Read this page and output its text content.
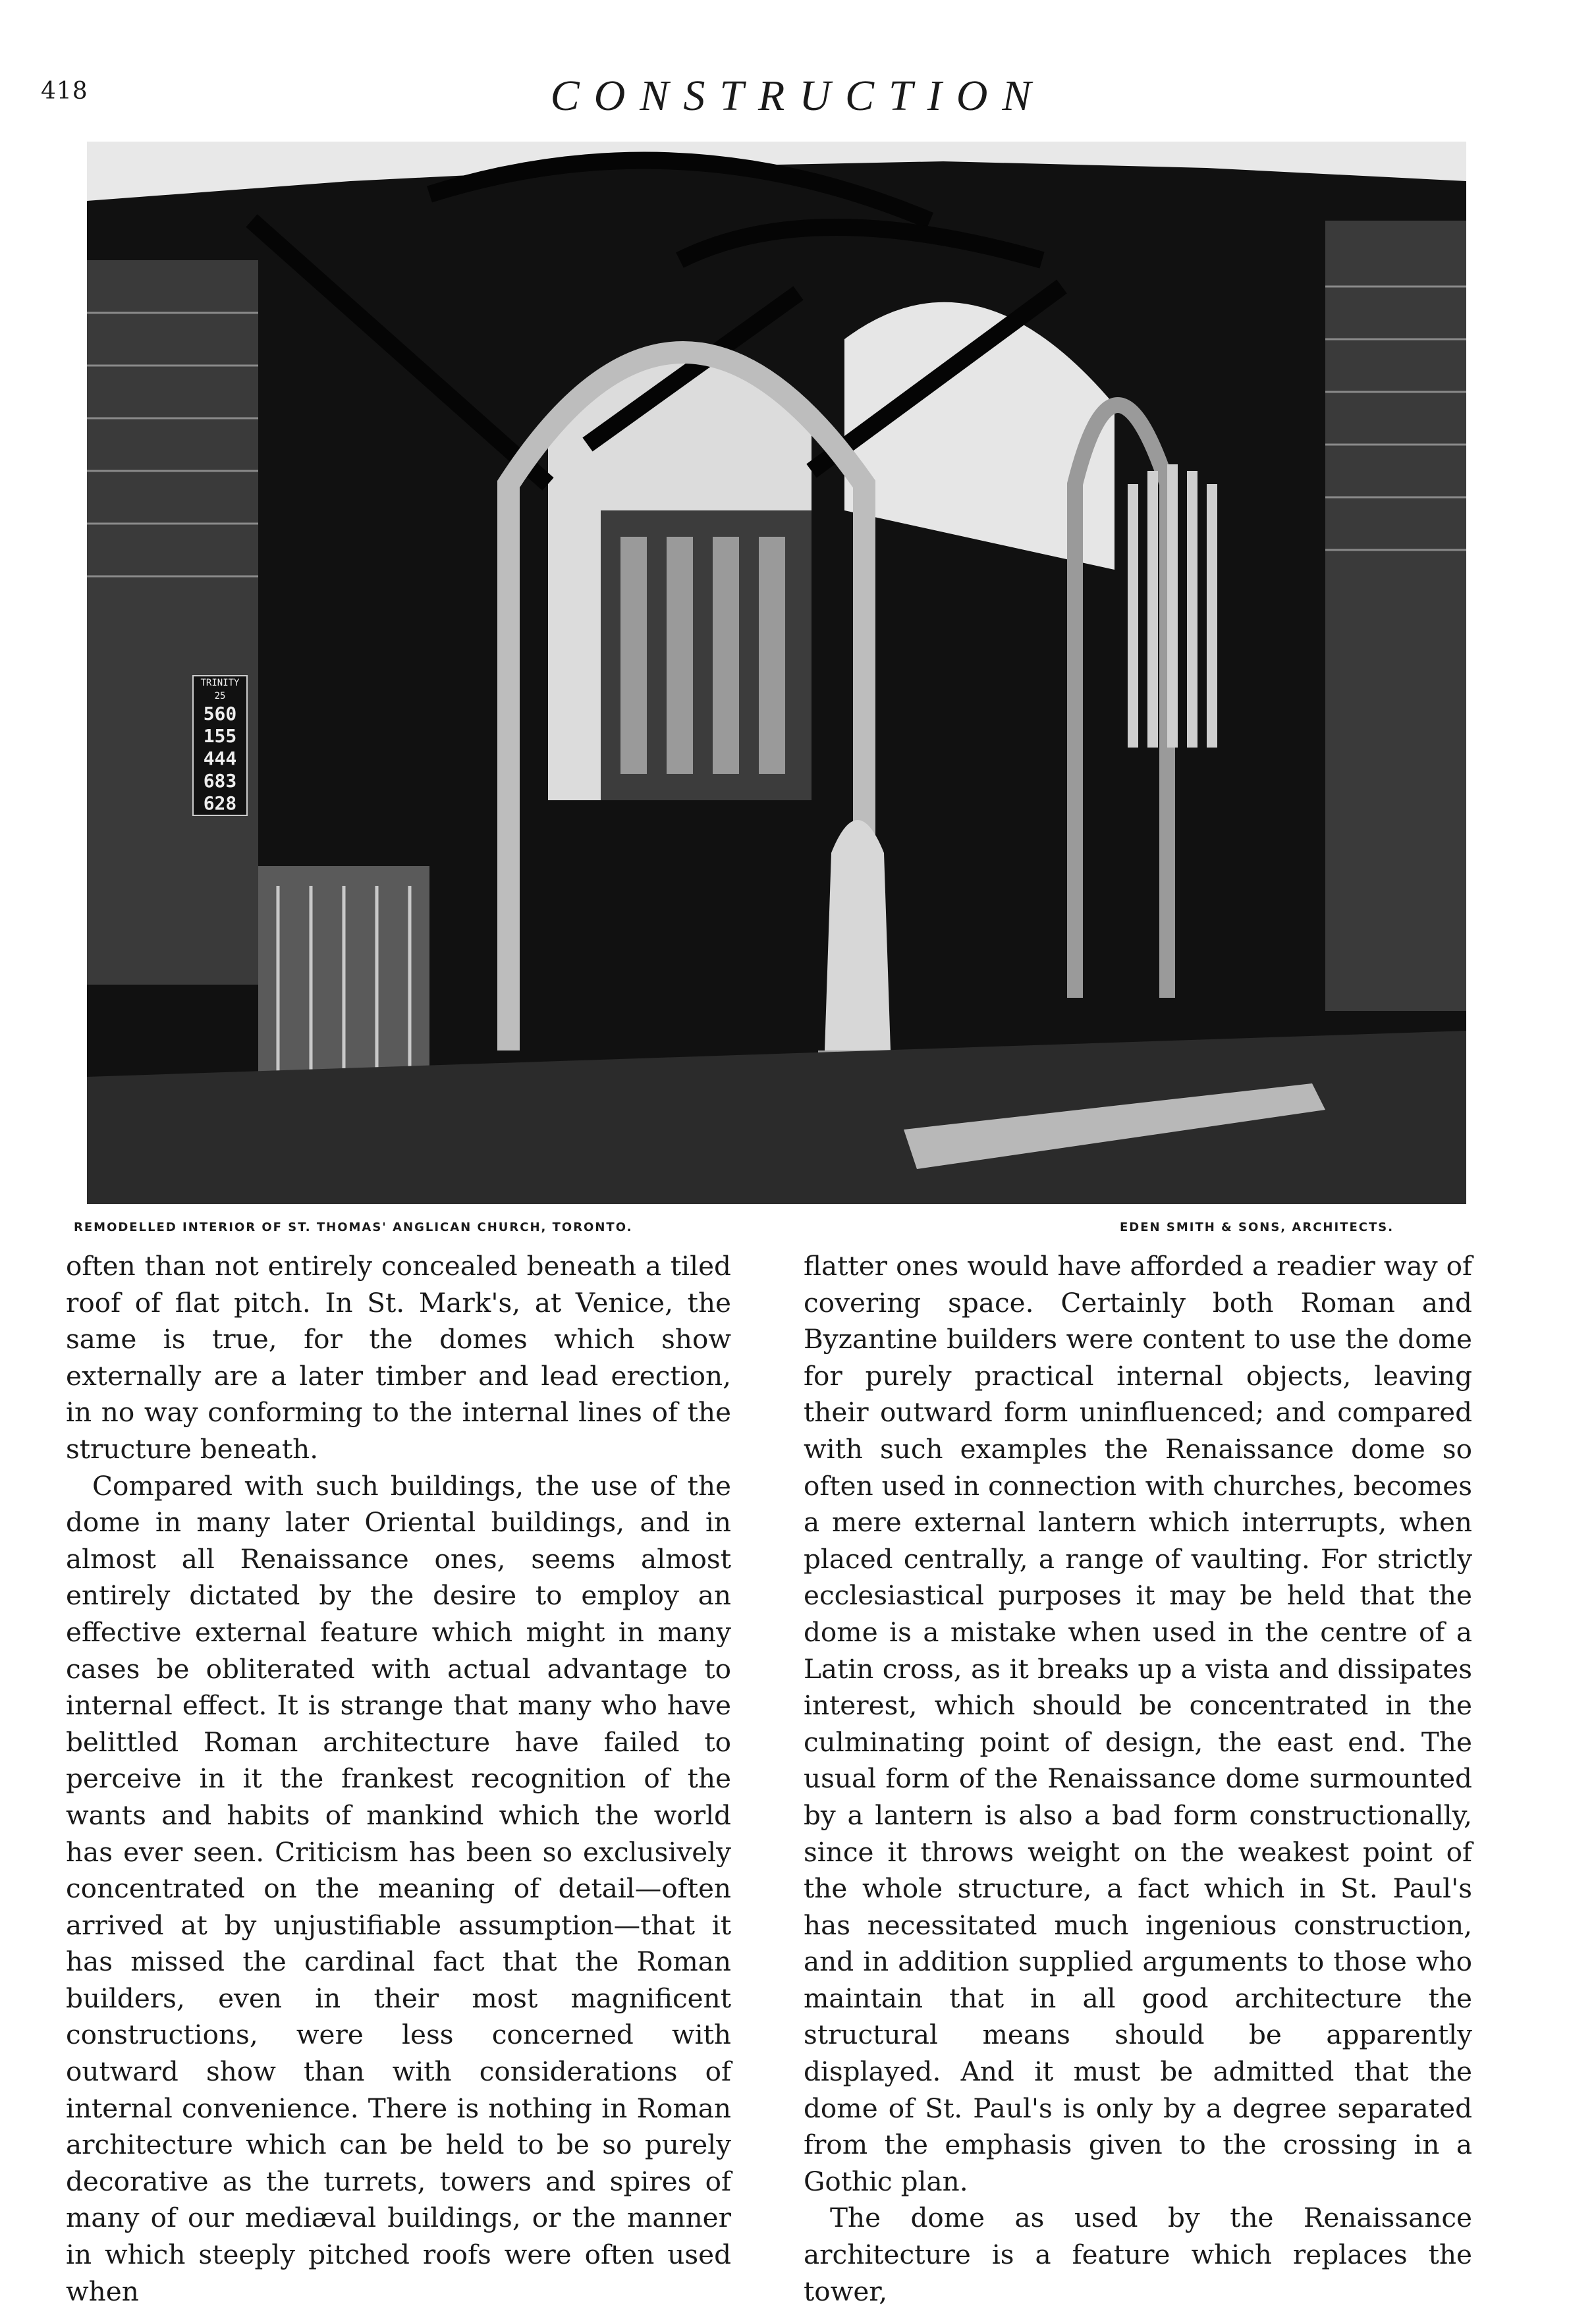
418	CONSTRUCTION
TRINITY 25
560
155
444
683
628
REMODELLED INTERIOR OF ST. THOMAS' ANGLICAN CHURCH, TORONTO.	EDEN SMITH & SONS, ARCHITECTS.

often than not entirely concealed beneath a tiled roof of flat pitch. In St. Mark's, at Venice, the same is true, for the domes which show externally are a later timber and lead erection, in no way conforming to the internal lines of the structure beneath.

Compared with such buildings, the use of the dome in many later Oriental buildings, and in almost all Renaissance ones, seems almost entirely dictated by the desire to employ an effective external feature which might in many cases be obliterated with actual advantage to internal effect. It is strange that many who have belittled Roman architecture have failed to perceive in it the frankest recognition of the wants and habits of mankind which the world has ever seen. Criticism has been so exclusively concentrated on the meaning of detail—often arrived at by unjustifiable assumption—that it has missed the cardinal fact that the Roman builders, even in their most magnificent constructions, were less concerned with outward show than with considerations of internal convenience. There is nothing in Roman architecture which can be held to be so purely decorative as the turrets, towers and spires of many of our mediæval buildings, or the manner in which steeply pitched roofs were often used when

flatter ones would have afforded a readier way of covering space. Certainly both Roman and Byzantine builders were content to use the dome for purely practical internal objects, leaving their outward form uninfluenced; and compared with such examples the Renaissance dome so often used in connection with churches, becomes a mere external lantern which interrupts, when placed centrally, a range of vaulting. For strictly ecclesiastical purposes it may be held that the dome is a mistake when used in the centre of a Latin cross, as it breaks up a vista and dissipates interest, which should be concentrated in the culminating point of design, the east end. The usual form of the Renaissance dome surmounted by a lantern is also a bad form constructionally, since it throws weight on the weakest point of the whole structure, a fact which in St. Paul's has necessitated much ingenious construction, and in addition supplied arguments to those who maintain that in all good architecture the structural means should be apparently displayed. And it must be admitted that the dome of St. Paul's is only by a degree separated from the emphasis given to the crossing in a Gothic plan.

The dome as used by the Renaissance architecture is a feature which replaces the tower,
